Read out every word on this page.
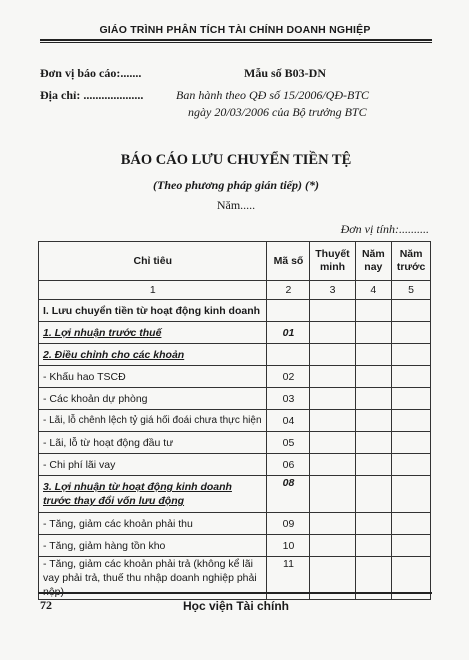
GIÁO TRÌNH PHÂN TÍCH TÀI CHÍNH DOANH NGHIỆP
Đơn vị báo cáo:.......	Mẫu số B03-DN
Địa chỉ: ....................	Ban hành theo QĐ số 15/2006/QĐ-BTC
ngày 20/03/2006 của Bộ trưởng BTC
BÁO CÁO LƯU CHUYỂN TIỀN TỆ
(Theo phương pháp gián tiếp) (*)
Năm.....
Đơn vị tính:..........
Chỉ tiêu	Mã số	Thuyết minh	Năm nay	Năm trước
1	2	3	4	5
I. Lưu chuyển tiền từ hoạt động kinh doanh				
1. Lợi nhuận trước thuế	01			
2. Điều chỉnh cho các khoản				
- Khấu hao TSCĐ	02			
- Các khoản dự phòng	03			
- Lãi, lỗ chênh lệch tỷ giá hối đoái chưa thực hiện	04			
- Lãi, lỗ từ hoạt động đầu tư	05			
- Chi phí lãi vay	06			
3. Lợi nhuận từ hoạt động kinh doanh trước thay đổi vốn lưu động	08			
- Tăng, giảm các khoản phải thu	09			
- Tăng, giảm hàng tồn kho	10			
- Tăng, giảm các khoản phải trả (không kể lãi vay phải trả, thuế thu nhập doanh nghiệp phải nộp)	11			
72	Học viện Tài chính
